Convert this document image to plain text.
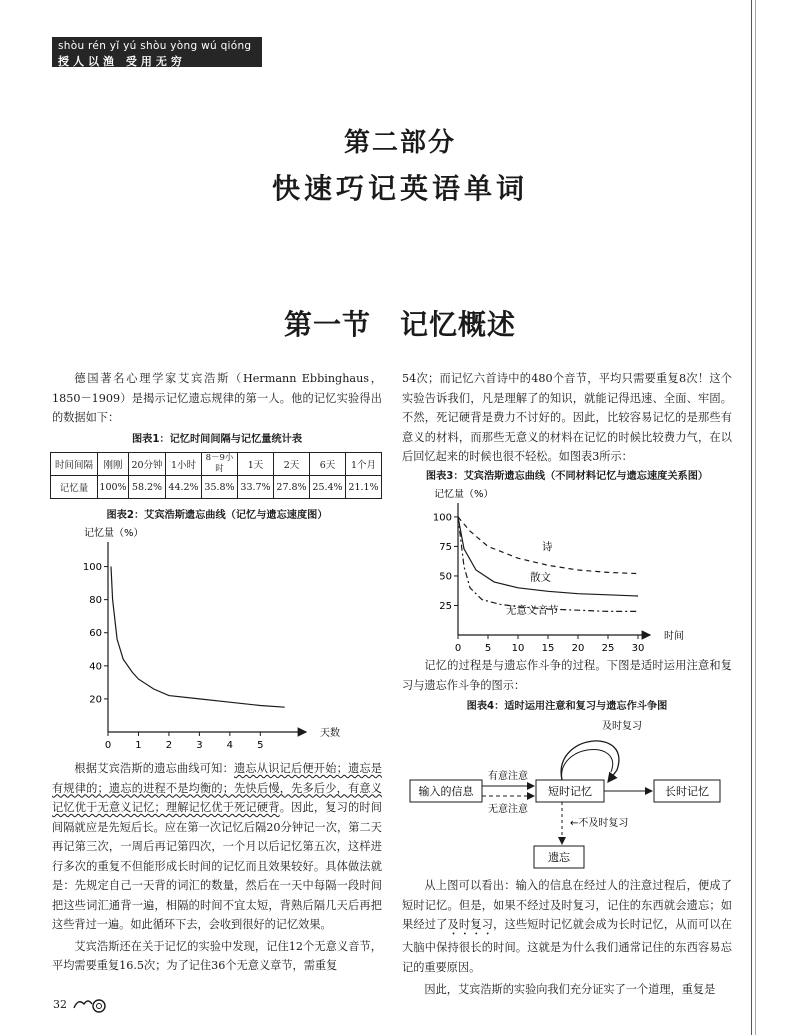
shòu rén yǐ yú shòu yòng wú qióng
授人以渔 受用无穷
第二部分
快速巧记英语单词
第一节　记忆概述

德国著名心理学家艾宾浩斯（Hermann Ebbinghaus，1850－1909）是揭示记忆遗忘规律的第一人。他的记忆实验得出的数据如下：

图表1：记忆时间间隔与记忆量统计表
时间间隔	刚刚	20分钟	1小时	8－9小时	1天	2天	6天	1个月
记忆量	100%	58.2%	44.2%	35.8%	33.7%	27.8%	25.4%	21.1%
图表2：艾宾浩斯遗忘曲线（记忆与遗忘速度图）
记忆量（%）
天数
20
40
60
80
100
0 1 2 3 4 5

根据艾宾浩斯的遗忘曲线可知：遗忘从识记后便开始；遗忘是有规律的；遗忘的进程不是均衡的；先快后慢，先多后少，有意义记忆优于无意义记忆；理解记忆优于死记硬背。因此，复习的时间间隔就应是先短后长。应在第一次记忆后隔20分钟记一次，第二天再记第三次，一周后再记第四次，一个月以后记忆第五次，这样进行多次的重复不但能形成长时间的记忆而且效果较好。具体做法就是：先规定自己一天背的词汇的数量，然后在一天中每隔一段时间把这些词汇通背一遍，相隔的时间不宜太短，背熟后隔几天后再把这些背过一遍。如此循环下去，会收到很好的记忆效果。

艾宾浩斯还在关于记忆的实验中发现，记住12个无意义音节，平均需要重复16.5次；为了记住36个无意义章节，需重复

54次；而记忆六首诗中的480个音节，平均只需要重复8次！这个实验告诉我们，凡是理解了的知识，就能记得迅速、全面、牢固。不然，死记硬背是费力不讨好的。因此，比较容易记忆的是那些有意义的材料，而那些无意义的材料在记忆的时候比较费力气，在以后回忆起来的时候也很不轻松。如图表3所示：

图表3：艾宾浩斯遗忘曲线（不同材料记忆与遗忘速度关系图）
记忆量（%）
时间
25
50
75
100
0 5 10 15 20 25 30
诗
散文
无意义音节

记忆的过程是与遗忘作斗争的过程。下图是适时运用注意和复习与遗忘作斗争的图示：

图表4：适时运用注意和复习与遗忘作斗争图
输入的信息	短时记忆	长时记忆
遗忘
有意注意
无意注意
及时复习
←不及时复习

从上图可以看出：输入的信息在经过人的注意过程后，便成了短时记忆。但是，如果不经过及时复习，记住的东西就会遗忘；如果经过了及时复习，这些短时记忆就会成为长时记忆，从而可以在大脑中保持很长的时间。这就是为什么我们通常记住的东西容易忘记的重要原因。

因此，艾宾浩斯的实验向我们充分证实了一个道理，重复是

32
